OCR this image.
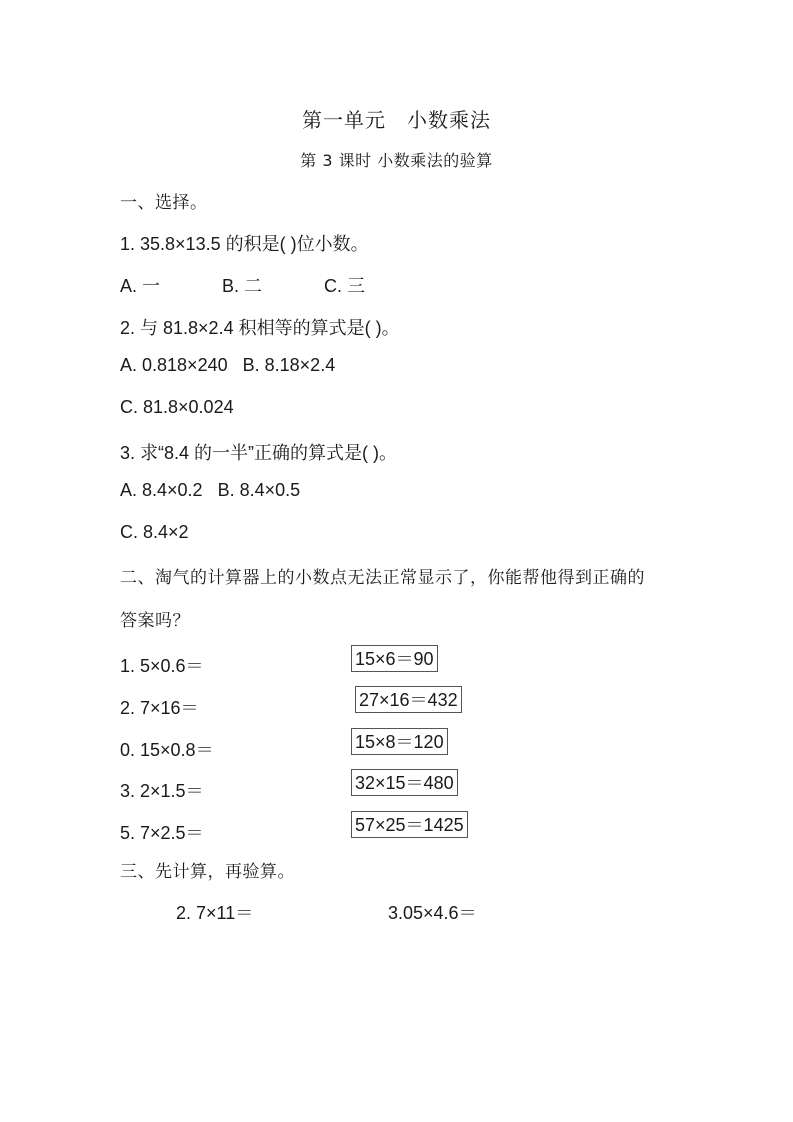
第一单元　小数乘法
第 3 课时 小数乘法的验算
一、选择。
1. 35.8×13.5 的积是( )位小数。
A. 一	B. 二	C. 三
2. 与 81.8×2.4 积相等的算式是( )。
A. 0.818×240 B. 8.18×2.4
C. 81.8×0.024
3. 求“8.4 的一半”正确的算式是( )。
A. 8.4×0.2 B. 8.4×0.5
C. 8.4×2
二、淘气的计算器上的小数点无法正常显示了，你能帮他得到正确的
答案吗？
1. 5×0.6＝	15×6＝90
2. 7×16＝	27×16＝432
0. 15×0.8＝	15×8＝120
3. 2×1.5＝	32×15＝480
5. 7×2.5＝	57×25＝1425
三、先计算，再验算。
2. 7×11＝	3.05×4.6＝
